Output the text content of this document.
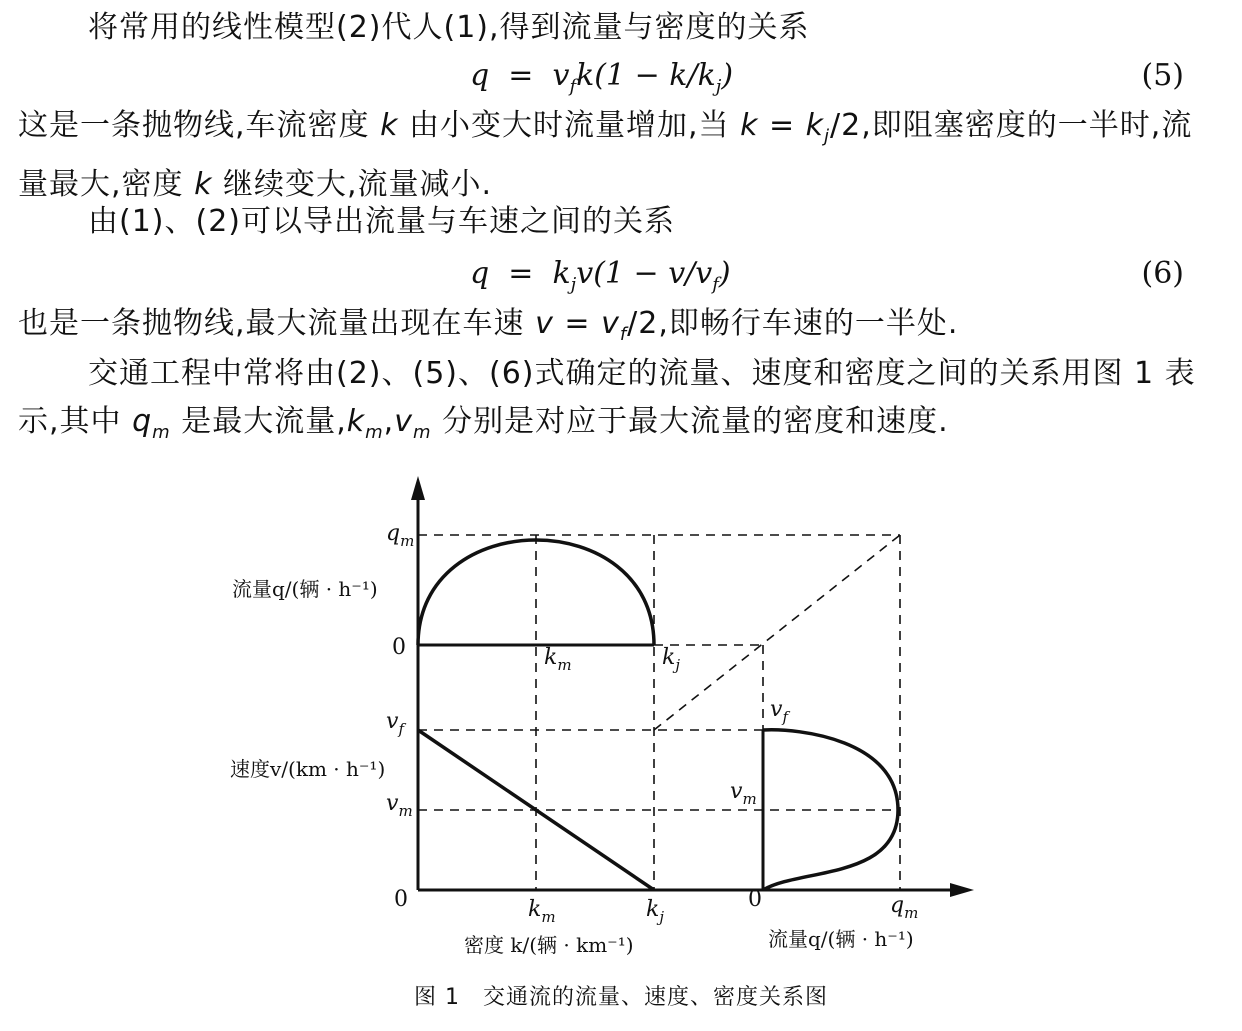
将常用的线性模型(2)代人(1),得到流量与密度的关系
$q = v_fk(1 - k/k_j)$	(5)
这是一条抛物线,车流密度 k 由小变大时流量增加,当 $k = k_j/2$,即阻塞密度的一半时,流量最大,密度 k 继续变大,流量减小.
由(1)、(2)可以导出流量与车速之间的关系
$q = k_jv(1 - v/v_f)$	(6)
也是一条抛物线,最大流量出现在车速 $v = v_f/2$,即畅行车速的一半处.
交通工程中常将由(2)、(5)、(6)式确定的流量、速度和密度之间的关系用图 1 表示,其中 $q_m$ 是最大流量$,k_m,v_m$ 分别是对应于最大流量的密度和速度.
$q_m$
0	$k_m$	$k_j$
$v_f$
$v_m$
0	$k_m$	$k_j$
0	$q_m$
$v_f$
$v_m$
流量q/(辆 · h⁻¹)
速度v/(km · h⁻¹)
密度 k/(辆 · km⁻¹)	流量q/(辆 · h⁻¹)
图 1　交通流的流量、速度、密度关系图
